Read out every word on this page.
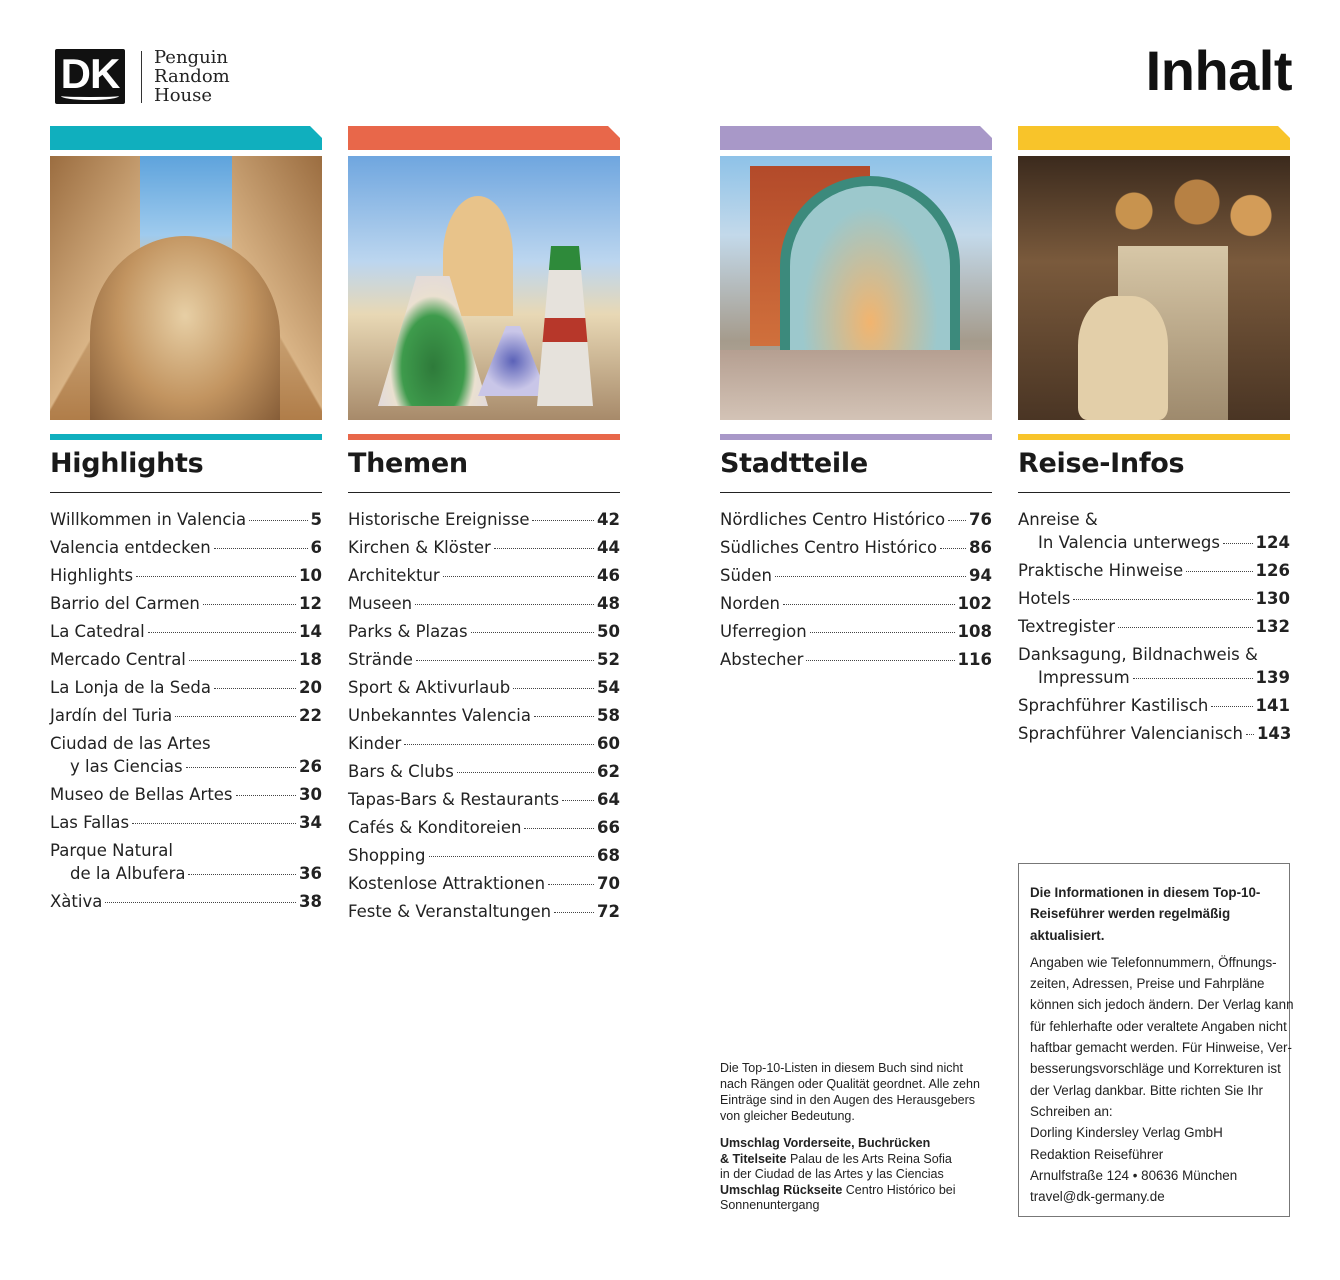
DK	Penguin
Random
House	Inhalt
Highlights
Willkommen in Valencia	5
Valencia entdecken	6
Highlights	10
Barrio del Carmen	12
La Catedral	14
Mercado Central	18
La Lonja de la Seda	20
Jardín del Turia	22
Ciudad de las Artes
y las Ciencias	26
Museo de Bellas Artes	30
Las Fallas	34
Parque Natural
de la Albufera	36
Xàtiva	38
Themen
Historische Ereignisse	42
Kirchen & Klöster	44
Architektur	46
Museen	48
Parks & Plazas	50
Strände	52
Sport & Aktivurlaub	54
Unbekanntes Valencia	58
Kinder	60
Bars & Clubs	62
Tapas-Bars & Restaurants 64
Cafés & Konditoreien	66
Shopping	68
Kostenlose Attraktionen	70
Feste & Veranstaltungen	72
Stadtteile
Nördliches Centro Histórico 76
Südliches Centro Histórico 86
Süden	94
Norden	102
Uferregion	108
Abstecher	116
Reise-Infos
Anreise &
In Valencia unterwegs 124
Praktische Hinweise	126
Hotels	130
Textregister	132
Danksagung, Bildnachweis &
Impressum	139
Sprachführer Kastilisch	141
Sprachführer Valencianisch 143
Die Top-10-Listen in diesem Buch sind nicht
nach Rängen oder Qualität geordnet. Alle zehn
Einträge sind in den Augen des Herausgebers
von gleicher Bedeutung.
Umschlag Vorderseite, Buchrücken
& Titelseite Palau de les Arts Reina Sofia
in der Ciudad de las Artes y las Ciencias
Umschlag Rückseite Centro Histórico bei
Sonnenuntergang
Die Informationen in diesem Top-10-
Reiseführer werden regelmäßig
aktualisiert.
Angaben wie Telefonnummern, Öffnungs-
zeiten, Adressen, Preise und Fahrpläne
können sich jedoch ändern. Der Verlag kann
für fehlerhafte oder veraltete Angaben nicht
haftbar gemacht werden. Für Hinweise, Ver-
besserungsvorschläge und Korrekturen ist
der Verlag dankbar. Bitte richten Sie Ihr
Schreiben an:
Dorling Kindersley Verlag GmbH
Redaktion Reiseführer
Arnulfstraße 124 • 80636 München
travel@dk-germany.de
